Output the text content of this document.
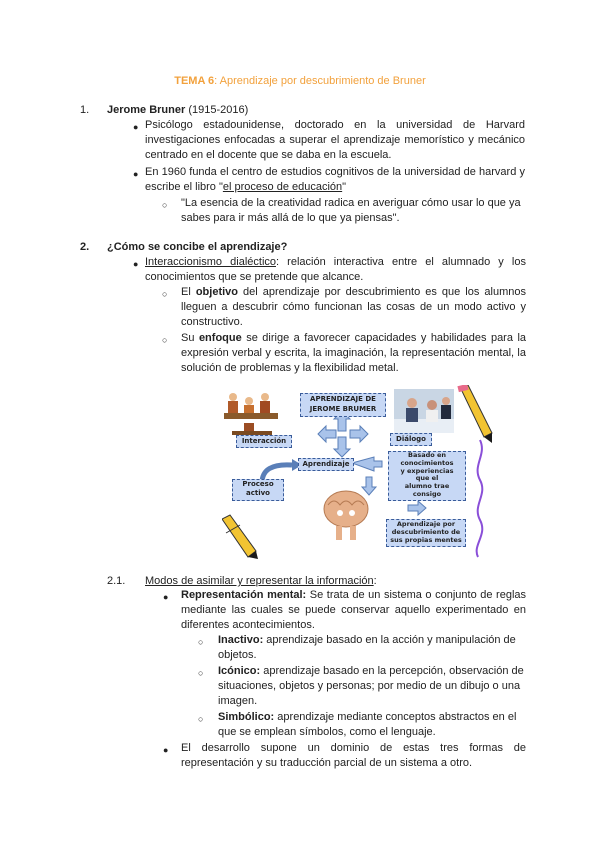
TEMA 6: Aprendizaje por descubrimiento de Bruner
1. Jerome Bruner (1915-2016)
● Psicólogo estadounidense, doctorado en la universidad de Harvard investigaciones enfocadas a superar el aprendizaje memorístico y mecánico centrado en el docente que se daba en la escuela.
● En 1960 funda el centro de estudios cognitivos de la universidad de harvard y escribe el libro "el proceso de educación"
○ "La esencia de la creatividad radica en averiguar cómo usar lo que ya sabes para ir más allá de lo que ya piensas".
2. ¿Cómo se concibe el aprendizaje?
● Interaccionismo dialéctico: relación interactiva entre el alumnado y los conocimientos que se pretende que alcance.
○ El objetivo del aprendizaje por descubrimiento es que los alumnos lleguen a descubrir cómo funcionan las cosas de un modo activo y constructivo.
○ Su enfoque se dirige a favorecer capacidades y habilidades para la expresión verbal y escrita, la imaginación, la representación mental, la solución de problemas y la flexibilidad metal.
APRENDIZAJE DE
JEROME BRUMER
Interacción	Diálogo
Aprendizaje
Proceso
activo
Basado en
conocimientos
y experiencias
que el
alumno trae
consigo
Aprendizaje por
descubrimiento de
sus propias mentes
2.1. Modos de asimilar y representar la información:
● Representación mental: Se trata de un sistema o conjunto de reglas mediante las cuales se puede conservar aquello experimentado en diferentes acontecimientos.
○ Inactivo: aprendizaje basado en la acción y manipulación de objetos.
○ Icónico: aprendizaje basado en la percepción, observación de situaciones, objetos y personas; por medio de un dibujo o una imagen.
○ Simbólico: aprendizaje mediante conceptos abstractos en el que se emplean símbolos, como el lenguaje.
● El desarrollo supone un dominio de estas tres formas de representación y su traducción parcial de un sistema a otro.
